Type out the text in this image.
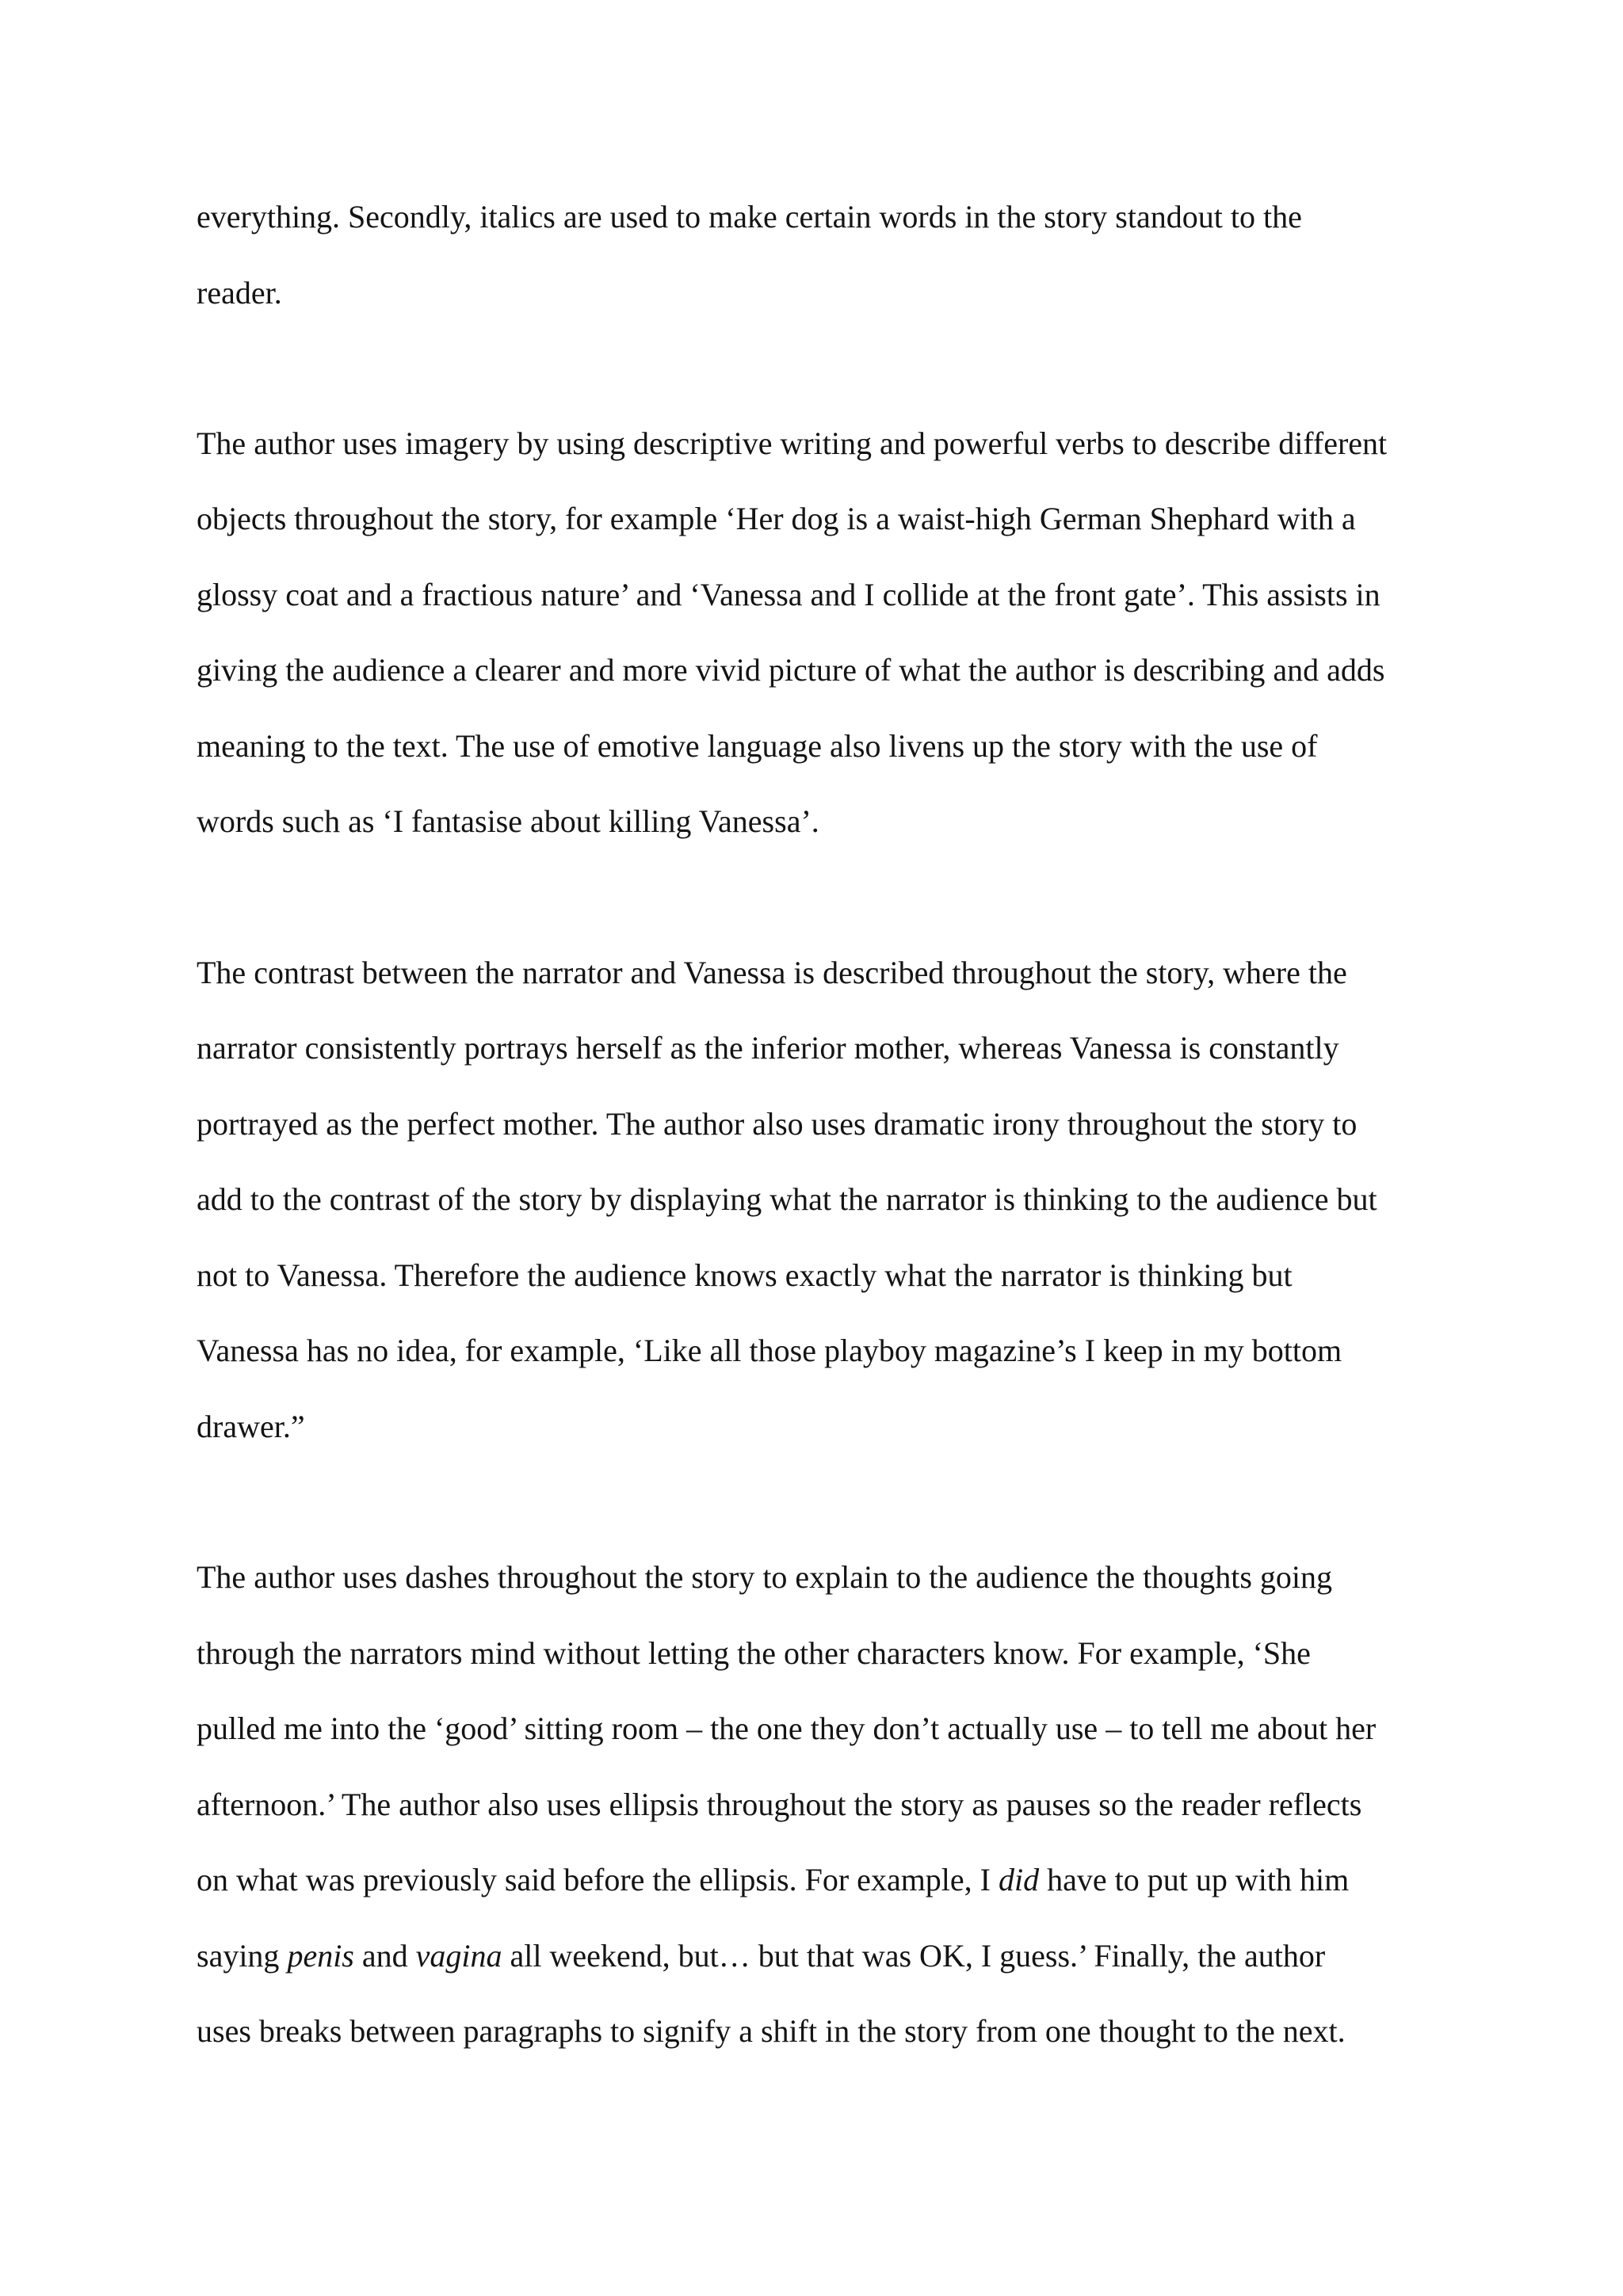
everything. Secondly, italics are used to make certain words in the story standout to the

reader.

The author uses imagery by using descriptive writing and powerful verbs to describe different

objects throughout the story, for example ‘Her dog is a waist-high German Shephard with a

glossy coat and a fractious nature’ and ‘Vanessa and I collide at the front gate’. This assists in

giving the audience a clearer and more vivid picture of what the author is describing and adds

meaning to the text. The use of emotive language also livens up the story with the use of

words such as ‘I fantasise about killing Vanessa’.

The contrast between the narrator and Vanessa is described throughout the story, where the

narrator consistently portrays herself as the inferior mother, whereas Vanessa is constantly

portrayed as the perfect mother. The author also uses dramatic irony throughout the story to

add to the contrast of the story by displaying what the narrator is thinking to the audience but

not to Vanessa. Therefore the audience knows exactly what the narrator is thinking but

Vanessa has no idea, for example, ‘Like all those playboy magazine’s I keep in my bottom

drawer.”

The author uses dashes throughout the story to explain to the audience the thoughts going

through the narrators mind without letting the other characters know. For example, ‘She

pulled me into the ‘good’ sitting room – the one they don’t actually use – to tell me about her

afternoon.’ The author also uses ellipsis throughout the story as pauses so the reader reflects

on what was previously said before the ellipsis. For example, I did have to put up with him

saying penis and vagina all weekend, but… but that was OK, I guess.’ Finally, the author

uses breaks between paragraphs to signify a shift in the story from one thought to the next.
